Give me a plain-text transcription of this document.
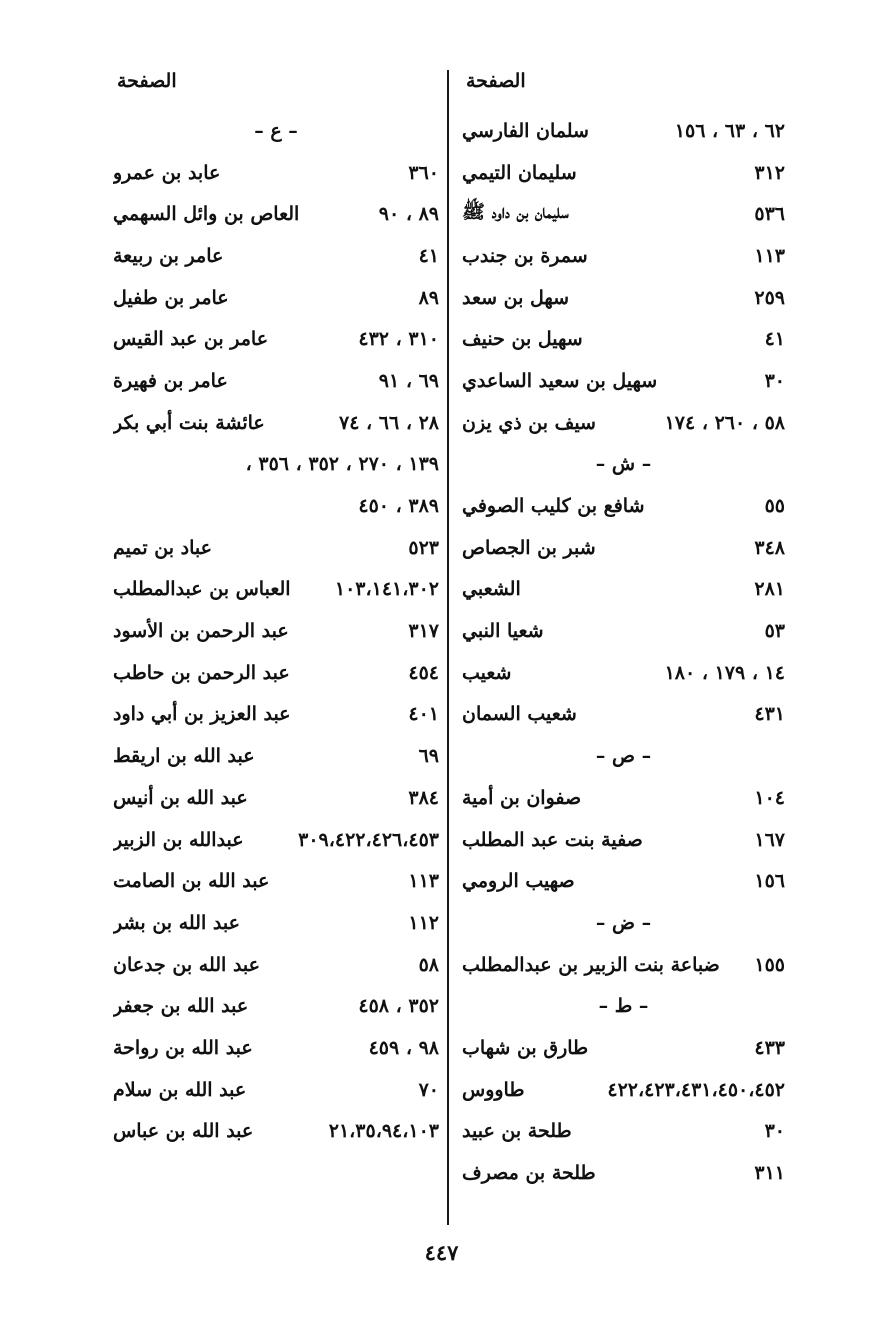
الصفحة
الصفحة
سلمان الفارسي	٦٢ ، ٦٣ ، ١٥٦
سليمان التيمي	٣١٢
سليمان بن داود ﷺ	٥٣٦
سمرة بن جندب	١١٣
سهل بن سعد	٢٥٩
سهيل بن حنيف	٤١
سهيل بن سعيد الساعدي	٣٠
سيف بن ذي يزن	٥٨ ، ٢٦٠ ، ١٧٤
– ش –
شافع بن كليب الصوفي	٥٥
شبر بن الجصاص	٣٤٨
الشعبي	٢٨١
شعيا النبي	٥٣
شعيب	١٤ ، ١٧٩ ، ١٨٠
شعيب السمان	٤٣١
– ص –
صفوان بن أمية	١٠٤
صفية بنت عبد المطلب	١٦٧
صهيب الرومي	١٥٦
– ض –
ضباعة بنت الزبير بن عبدالمطلب ١٥٥
– ط –
طارق بن شهاب	٤٣٣
طاووس	٤٢٢،٤٢٣،٤٣١،٤٥٠،٤٥٢
طلحة بن عبيد	٣٠
طلحة بن مصرف	٣١١
– ع –
عابد بن عمرو	٣٦٠
العاص بن وائل السهمي	٨٩ ، ٩٠
عامر بن ربيعة	٤١
عامر بن طفيل	٨٩
عامر بن عبد القيس	٣١٠ ، ٤٣٢
عامر بن فهيرة	٦٩ ، ٩١
عائشة بنت أبي بكر	٢٨ ، ٦٦ ، ٧٤
١٣٩ ، ٢٧٠ ، ٣٥٢ ، ٣٥٦ ،
٣٨٩ ، ٤٥٠
عباد بن تميم	٥٢٣
العباس بن عبدالمطلب ١٠٣،١٤١،٣٠٢
عبد الرحمن بن الأسود	٣١٧
عبد الرحمن بن حاطب	٤٥٤
عبد العزيز بن أبي داود	٤٠١
عبد الله بن اريقط	٦٩
عبد الله بن أنيس	٣٨٤
عبدالله بن الزبير	٣٠٩،٤٢٢،٤٢٦،٤٥٣
عبد الله بن الصامت	١١٣
عبد الله بن بشر	١١٢
عبد الله بن جدعان	٥٨
عبد الله بن جعفر	٣٥٢ ، ٤٥٨
عبد الله بن رواحة	٩٨ ، ٤٥٩
عبد الله بن سلام	٧٠
عبد الله بن عباس	٢١،٣٥،٩٤،١٠٣
٤٤٧
